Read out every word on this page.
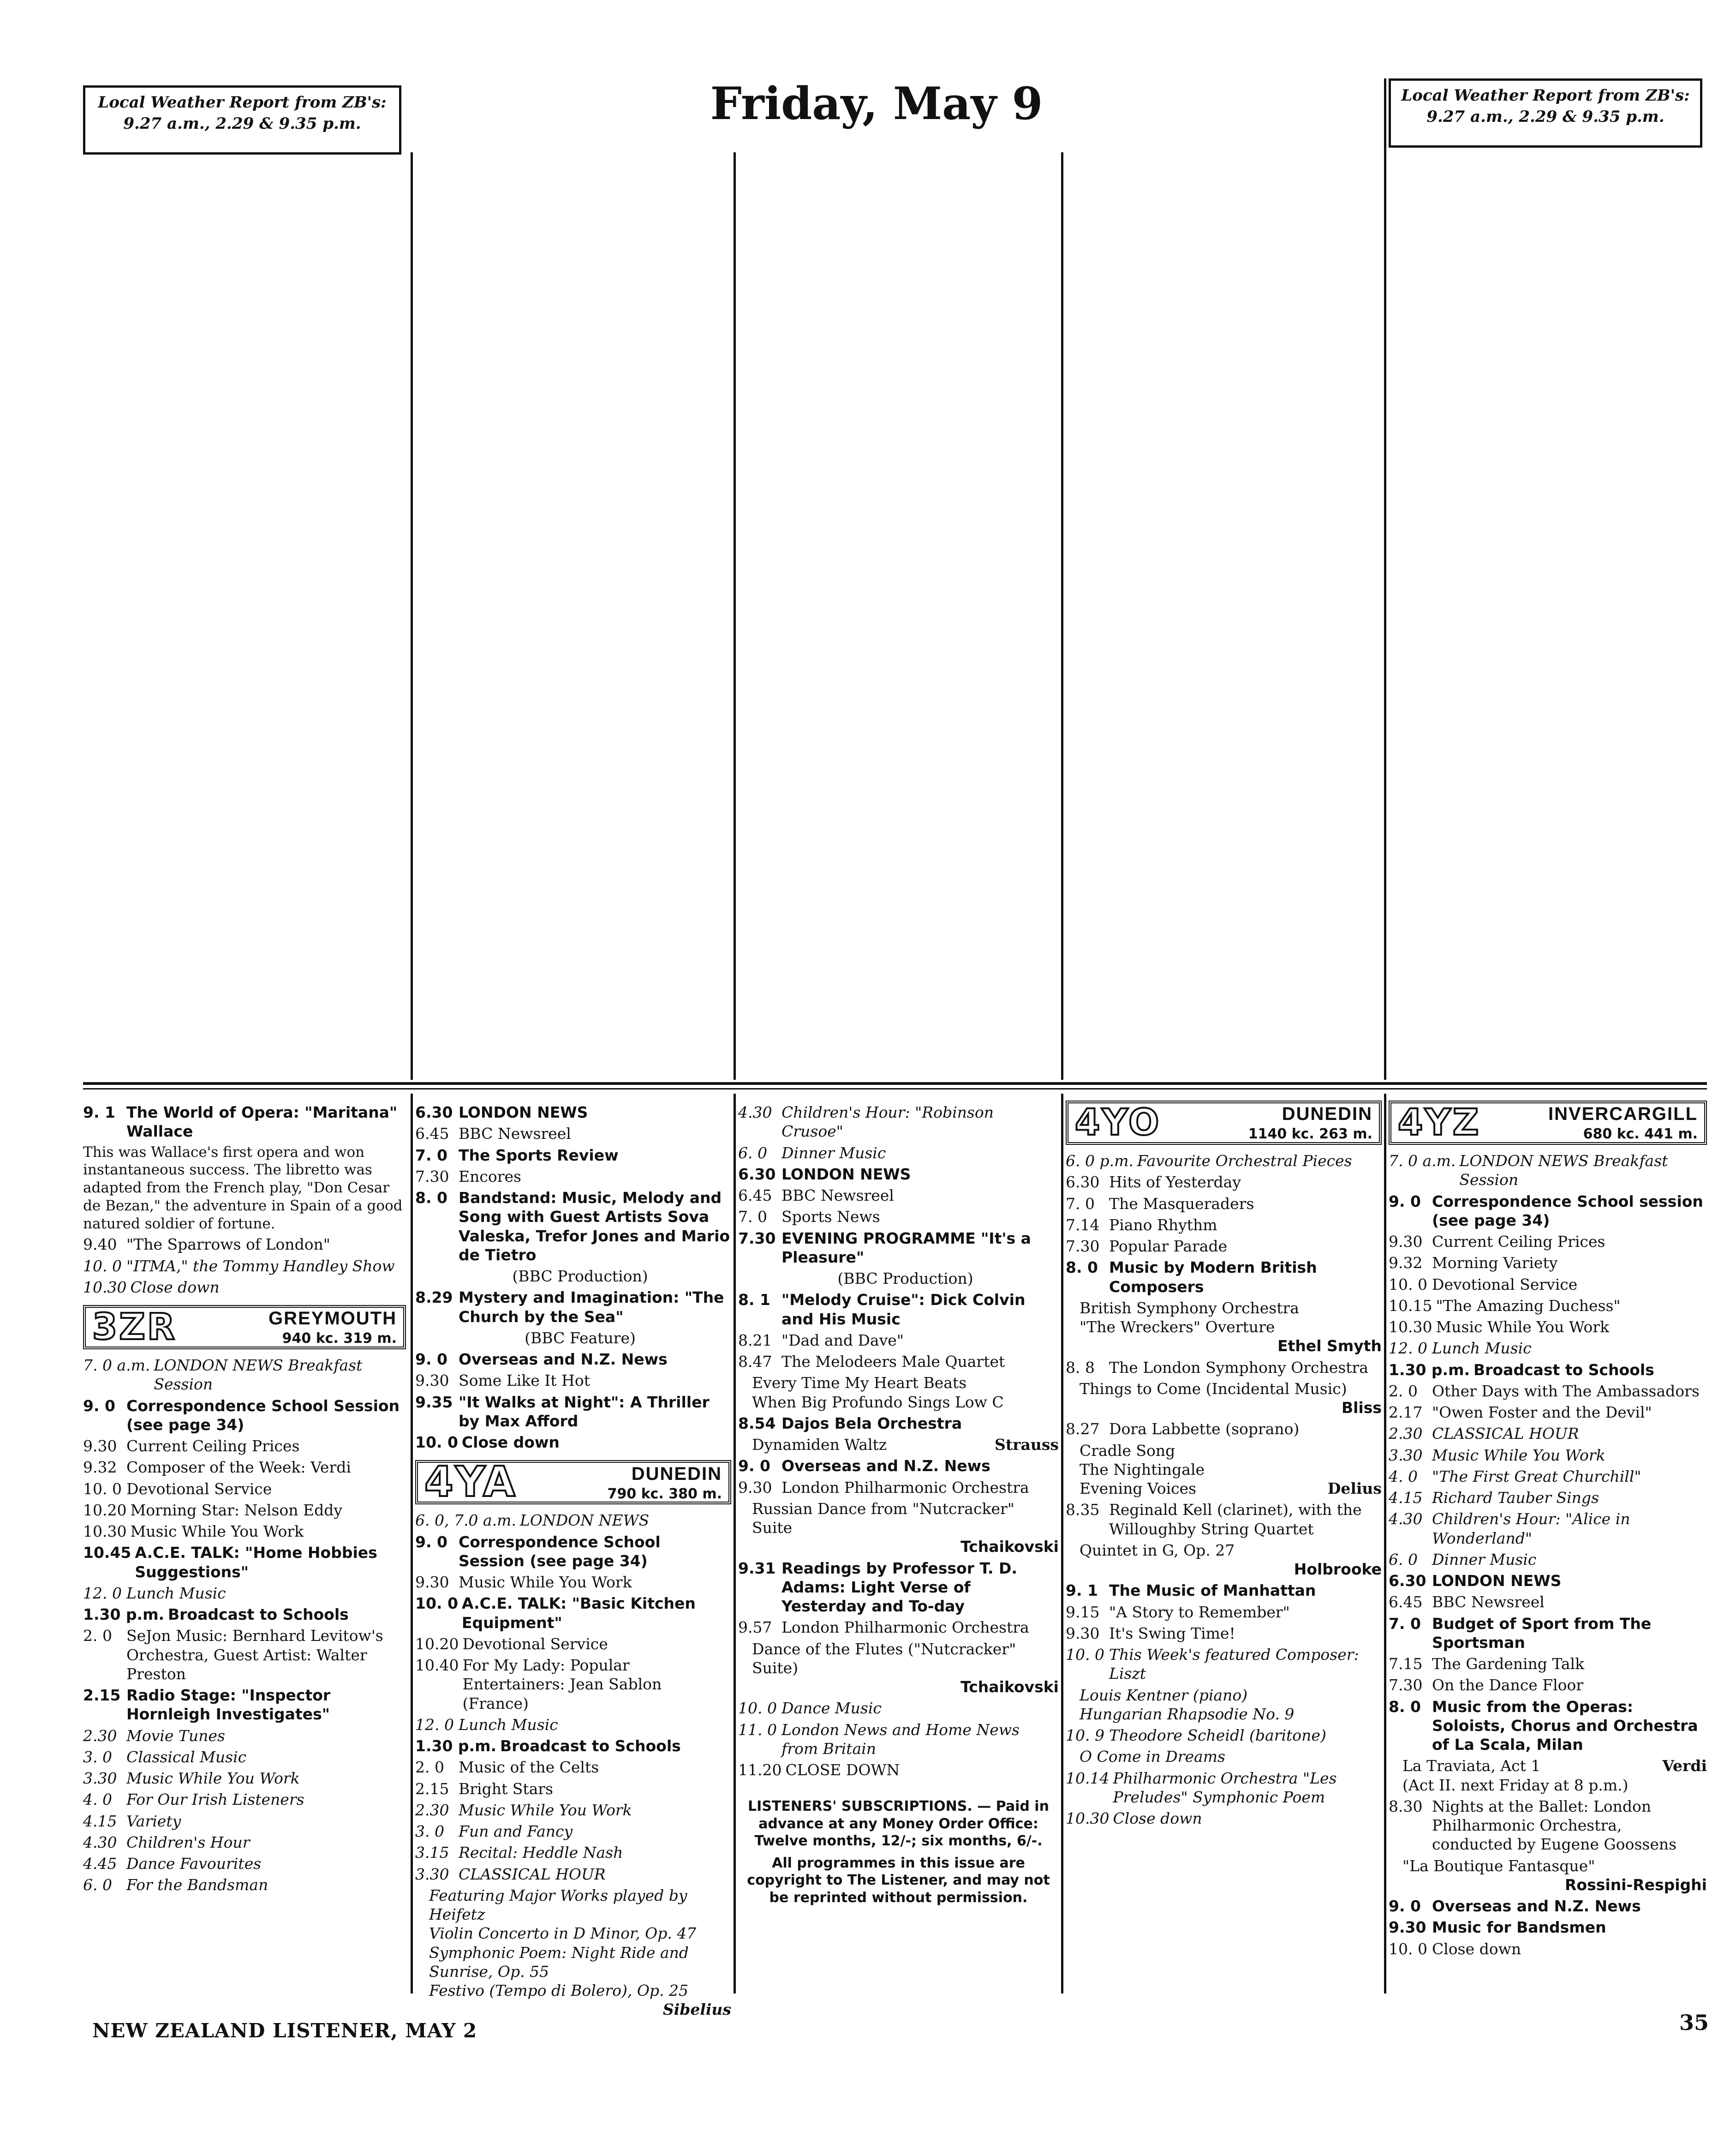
Local Weather Report from ZB's:
9.27 a.m., 2.29 & 9.35 p.m.	Friday, May 9	Local Weather Report from ZB's:
9.27 a.m., 2.29 & 9.35 p.m.
9. 1 The World of Opera: "Maritana" Wallace
This was Wallace's first opera and won instantaneous success. The libretto was adapted from the French play, "Don Cesar de Bezan," the adventure in Spain of a good natured soldier of fortune.
9.40 "The Sparrows of London"
10. 0 "ITMA," the Tommy Handley Show
10.30 Close down
3ZR	GREYMOUTH
940 kc. 319 m.
7. 0 a.m. LONDON NEWS Breakfast Session
9. 0 Correspondence School Session (see page 34)
9.30 Current Ceiling Prices
9.32 Composer of the Week: Verdi
10. 0 Devotional Service
10.20 Morning Star: Nelson Eddy
10.30 Music While You Work
10.45 A.C.E. TALK: "Home Hobbies Suggestions"
12. 0 Lunch Music
1.30 p.m. Broadcast to Schools
2. 0 SeJon Music: Bernhard Levitow's Orchestra, Guest Artist: Walter Preston
2.15 Radio Stage: "Inspector Hornleigh Investigates"
2.30 Movie Tunes
3. 0 Classical Music
3.30 Music While You Work
4. 0 For Our Irish Listeners
4.15 Variety
4.30 Children's Hour
4.45 Dance Favourites
6. 0 For the Bandsman
6.30 LONDON NEWS
6.45 BBC Newsreel
7. 0 The Sports Review
7.30 Encores
8. 0 Bandstand: Music, Melody and Song with Guest Artists Sova Valeska, Trefor Jones and Mario de Tietro
(BBC Production)
8.29 Mystery and Imagination: "The Church by the Sea"
(BBC Feature)
9. 0 Overseas and N.Z. News
9.30 Some Like It Hot
9.35 "It Walks at Night": A Thriller by Max Afford
10. 0 Close down
4YA	DUNEDIN
790 kc. 380 m.
6. 0, 7.0 a.m. LONDON NEWS
9. 0 Correspondence School Session (see page 34)
9.30 Music While You Work
10. 0 A.C.E. TALK: "Basic Kitchen Equipment"
10.20 Devotional Service
10.40 For My Lady: Popular Entertainers: Jean Sablon (France)
12. 0 Lunch Music
1.30 p.m. Broadcast to Schools
2. 0 Music of the Celts
2.15 Bright Stars
2.30 Music While You Work
3. 0 Fun and Fancy
3.15 Recital: Heddle Nash
3.30 CLASSICAL HOUR
Featuring Major Works played by Heifetz
Violin Concerto in D Minor, Op. 47
Symphonic Poem: Night Ride and Sunrise, Op. 55
Festivo (Tempo di Bolero), Op. 25
Sibelius
4.30 Children's Hour: "Robinson Crusoe"
6. 0 Dinner Music
6.30 LONDON NEWS
6.45 BBC Newsreel
7. 0 Sports News
7.30 EVENING PROGRAMME "It's a Pleasure"
(BBC Production)
8. 1 "Melody Cruise": Dick Colvin and His Music
8.21 "Dad and Dave"
8.47 The Melodeers Male Quartet
Every Time My Heart Beats
When Big Profundo Sings Low C
8.54 Dajos Bela Orchestra
Dynamiden Waltz	Strauss
9. 0 Overseas and N.Z. News
9.30 London Philharmonic Orchestra
Russian Dance from "Nutcracker" Suite
Tchaikovski
9.31 Readings by Professor T. D. Adams: Light Verse of Yesterday and To-day
9.57 London Philharmonic Orchestra
Dance of the Flutes ("Nutcracker" Suite)
Tchaikovski
10. 0 Dance Music
11. 0 London News and Home News from Britain
11.20 CLOSE DOWN
LISTENERS' SUBSCRIPTIONS. — Paid in advance at any Money Order Office: Twelve months, 12/-; six months, 6/-.
All programmes in this issue are copyright to The Listener, and may not be reprinted without permission.
4YO	DUNEDIN
1140 kc. 263 m.
6. 0 p.m. Favourite Orchestral Pieces
6.30 Hits of Yesterday
7. 0 The Masqueraders
7.14 Piano Rhythm
7.30 Popular Parade
8. 0 Music by Modern British Composers
British Symphony Orchestra
"The Wreckers" Overture
Ethel Smyth
8. 8 The London Symphony Orchestra
Things to Come (Incidental Music)
Bliss
8.27 Dora Labbette (soprano)
Cradle Song
The Nightingale
Evening Voices	Delius
8.35 Reginald Kell (clarinet), with the Willoughby String Quartet
Quintet in G, Op. 27
Holbrooke
9. 1 The Music of Manhattan
9.15 "A Story to Remember"
9.30 It's Swing Time!
10. 0 This Week's featured Composer: Liszt
Louis Kentner (piano)
Hungarian Rhapsodie No. 9
10. 9 Theodore Scheidl (baritone)
O Come in Dreams
10.14 Philharmonic Orchestra "Les Preludes" Symphonic Poem
10.30 Close down
4YZ	INVERCARGILL
680 kc. 441 m.
7. 0 a.m. LONDON NEWS Breakfast Session
9. 0 Correspondence School session (see page 34)
9.30 Current Ceiling Prices
9.32 Morning Variety
10. 0 Devotional Service
10.15 "The Amazing Duchess"
10.30 Music While You Work
12. 0 Lunch Music
1.30 p.m. Broadcast to Schools
2. 0 Other Days with The Ambassadors
2.17 "Owen Foster and the Devil"
2.30 CLASSICAL HOUR
3.30 Music While You Work
4. 0 "The First Great Churchill"
4.15 Richard Tauber Sings
4.30 Children's Hour: "Alice in Wonderland"
6. 0 Dinner Music
6.30 LONDON NEWS
6.45 BBC Newsreel
7. 0 Budget of Sport from The Sportsman
7.15 The Gardening Talk
7.30 On the Dance Floor
8. 0 Music from the Operas: Soloists, Chorus and Orchestra of La Scala, Milan
La Traviata, Act 1	Verdi
(Act II. next Friday at 8 p.m.)
8.30 Nights at the Ballet: London Philharmonic Orchestra, conducted by Eugene Goossens
"La Boutique Fantasque"
Rossini-Respighi
9. 0 Overseas and N.Z. News
9.30 Music for Bandsmen
10. 0 Close down
NEW ZEALAND LISTENER, MAY 2	35
